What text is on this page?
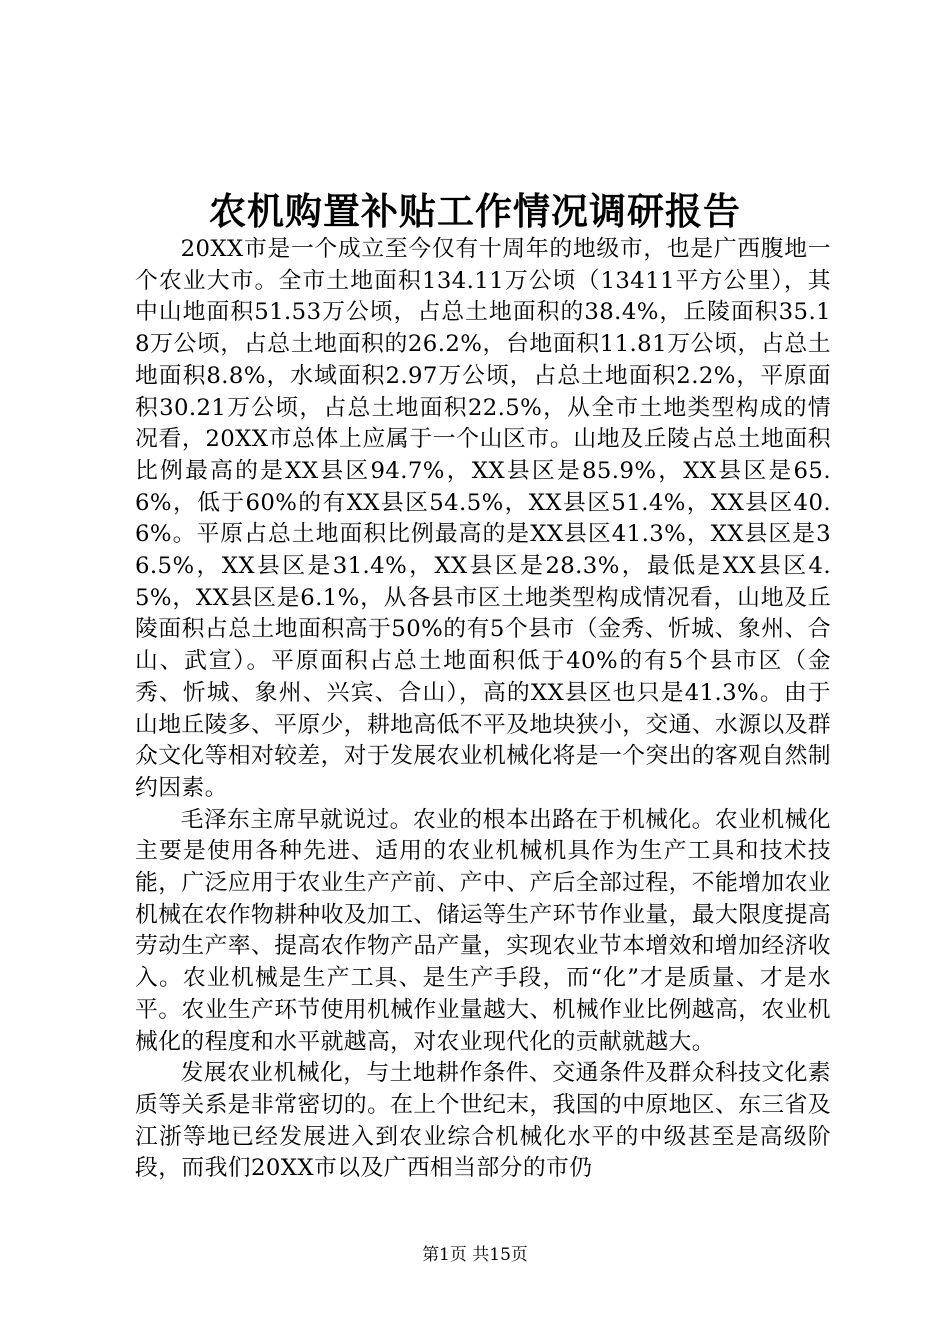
农机购置补贴工作情况调研报告

20XX市是一个成立至今仅有十周年的地级市，也是广西腹地一个农业大市。全市土地面积134.11万公顷（13411平方公里），其中山地面积51.53万公顷，占总土地面积的38.4%，丘陵面积35.18万公顷，占总土地面积的26.2%，台地面积11.81万公顷，占总土地面积8.8%，水域面积2.97万公顷，占总土地面积2.2%，平原面积30.21万公顷，占总土地面积22.5%，从全市土地类型构成的情况看，20XX市总体上应属于一个山区市。山地及丘陵占总土地面积比例最高的是XX县区94.7%，XX县区是85.9%，XX县区是65.6%，低于60%的有XX县区54.5%，XX县区51.4%，XX县区40.6%。平原占总土地面积比例最高的是XX县区41.3%，XX县区是36.5%，XX县区是31.4%，XX县区是28.3%，最低是XX县区4.5%，XX县区是6.1%，从各县市区土地类型构成情况看，山地及丘陵面积占总土地面积高于50%的有5个县市（金秀、忻城、象州、合山、武宣）。平原面积占总土地面积低于40%的有5个县市区（金秀、忻城、象州、兴宾、合山），高的XX县区也只是41.3%。由于山地丘陵多、平原少，耕地高低不平及地块狭小，交通、水源以及群众文化等相对较差，对于发展农业机械化将是一个突出的客观自然制约因素。

毛泽东主席早就说过。农业的根本出路在于机械化。农业机械化主要是使用各种先进、适用的农业机械机具作为生产工具和技术技能，广泛应用于农业生产产前、产中、产后全部过程，不能增加农业机械在农作物耕种收及加工、储运等生产环节作业量，最大限度提高劳动生产率、提高农作物产品产量，实现农业节本增效和增加经济收入。农业机械是生产工具、是生产手段，而“化”才是质量、才是水平。农业生产环节使用机械作业量越大、机械作业比例越高，农业机械化的程度和水平就越高，对农业现代化的贡献就越大。

发展农业机械化，与土地耕作条件、交通条件及群众科技文化素质等关系是非常密切的。在上个世纪末，我国的中原地区、东三省及江浙等地已经发展进入到农业综合机械化水平的中级甚至是高级阶段，而我们20XX市以及广西相当部分的市仍

第1页 共15页
